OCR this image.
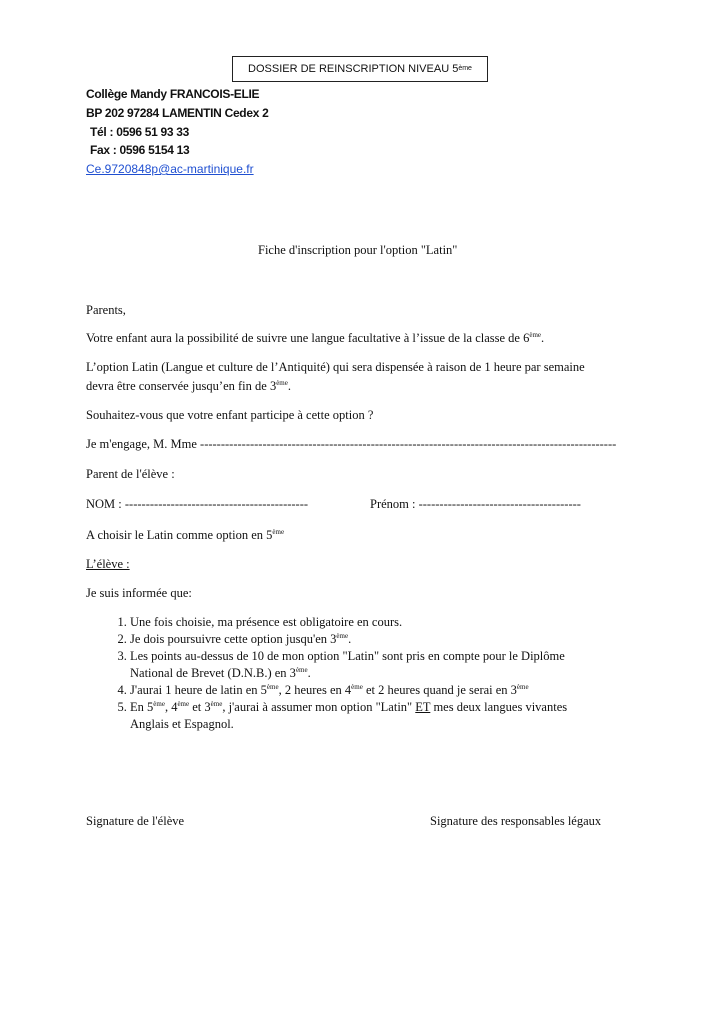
DOSSIER DE REINSCRIPTION NIVEAU 5 ème
Collège Mandy FRANCOIS-ELIE
BP 202 97284 LAMENTIN Cedex 2
Tél : 0596 51 93 33
Fax : 0596 5154 13
Ce.9720848p@ac-martinique.fr
Fiche d'inscription pour l'option "Latin"
Parents,
Votre enfant aura la possibilité de suivre une langue facultative à l’issue de la classe de 6ème.
L’option Latin (Langue et culture de l’Antiquité) qui sera dispensée à raison de 1 heure par semaine
devra être conservée jusqu’en fin de 3ème.
Souhaitez-vous que votre enfant participe à cette option ?
Je m'engage, M. Mme ----------------------------------------------------------------------------------------------------
Parent de l'élève :
NOM : --------------------------------------------	Prénom : ---------------------------------------
A choisir le Latin comme option en 5ème
L’élève :
Je suis informée que:
1. Une fois choisie, ma présence est obligatoire en cours.
2. Je dois poursuivre cette option jusqu'en 3ème.
3. Les points au-dessus de 10 de mon option "Latin" sont pris en compte pour le Diplôme
National de Brevet (D.N.B.) en 3ème.
4. J'aurai 1 heure de latin en 5ème, 2 heures en 4ème et 2 heures quand je serai en 3ème
5. En 5ème, 4ème et 3ème, j'aurai à assumer mon option "Latin" ET mes deux langues vivantes
Anglais et Espagnol.
Signature de l'élève	Signature des responsables légaux
